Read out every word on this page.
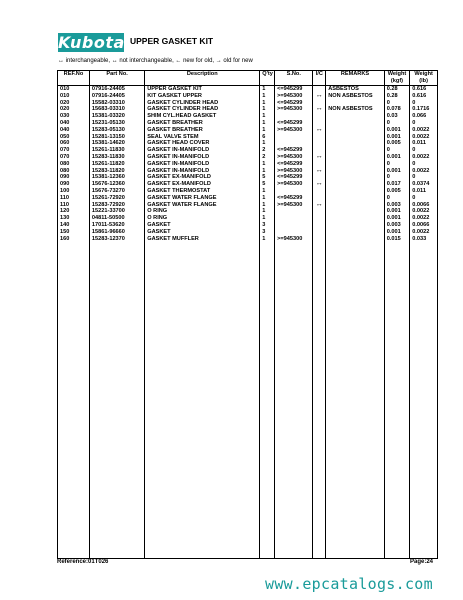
Kubota UPPER GASKET KIT
↔ interchangeable, ↔ not interchangeable, ← new for old, → old for new
REF.No	Part No.	Description	Q'ty	S.No.	I/C	REMARKS	Weight (kgf)	Weight (lb)
010	07916-24405	UPPER GASKET KIT	1	<=945299		ASBESTOS	0.28	0.616
010	07916-24405	KIT GASKET UPPER	1	>=945300	↔	NON ASBESTOS	0.28	0.616
020	15582-03310	GASKET CYLINDER HEAD	1	<=945299			0	0
020	15683-03310	GASKET CYLINDER HEAD	1	>=945300	↔	NON ASBESTOS	0.078	0.1716
030	15381-03320	SHIM CYL.HEAD GASKET	1				0.03	0.066
040	15231-05130	GASKET BREATHER	1	<=945299			0	0
040	15283-05130	GASKET BREATHER	1	>=945300	↔		0.001	0.0022
050	15281-13150	SEAL VALVE STEM	6				0.001	0.0022
060	15381-14620	GASKET HEAD COVER	1				0.005	0.011
070	15261-11830	GASKET IN-MANIFOLD	2	<=945299			0	0
070	15283-11830	GASKET IN-MANIFOLD	2	>=945300	↔		0.001	0.0022
080	15261-11820	GASKET IN-MANIFOLD	1	<=945299			0	0
080	15283-11820	GASKET IN-MANIFOLD	1	>=945300	↔		0.001	0.0022
090	15381-12360	GASKET EX-MANIFOLD	5	<=945299			0	0
090	15676-12360	GASKET EX-MANIFOLD	5	>=945300	↔		0.017	0.0374
100	15676-73270	GASKET THERMOSTAT	1				0.005	0.011
110	15261-72920	GASKET WATER FLANGE	1	<=945299			0	0
110	15283-72920	GASKET WATER FLANGE	1	>=945300	↔		0.003	0.0066
120	15221-33700	O RING	1				0.001	0.0022
130	04811-50500	O RING	1				0.001	0.0022
140	17011-53620	GASKET	3				0.003	0.0066
150	15861-96660	GASKET	3				0.001	0.0022
160	15283-12370	GASKET MUFFLER	1	>=945300			0.015	0.033

Reference:01T026	Page:24
www.epcatalogs.com
